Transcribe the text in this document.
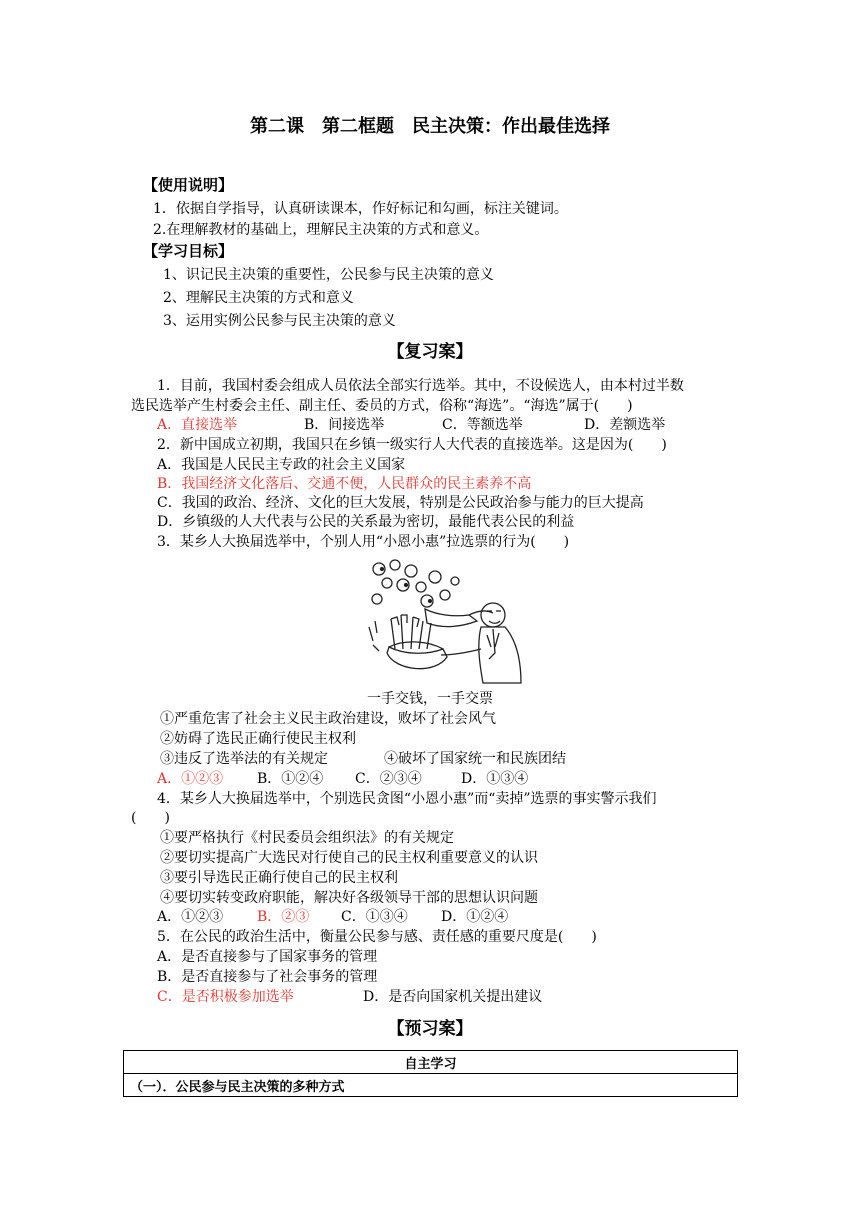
第二课　第二框题　民主决策：作出最佳选择
【使用说明】
1．依据自学指导，认真研读课本，作好标记和勾画，标注关键词。
2.在理解教材的基础上，理解民主决策的方式和意义。
【学习目标】
1、识记民主决策的重要性，公民参与民主决策的意义
2、理解民主决策的方式和意义
3、运用实例公民参与民主决策的意义
【复习案】
1．目前，我国村委会组成人员依法全部实行选举。其中，不设候选人，由本村过半数
选民选举产生村委会主任、副主任、委员的方式，俗称“海选”。“海选”属于(　　)
A．直接选举	B．间接选举	C．等额选举	D．差额选举
2．新中国成立初期，我国只在乡镇一级实行人大代表的直接选举。这是因为(　　)
A．我国是人民民主专政的社会主义国家
B．我国经济文化落后、交通不便，人民群众的民主素养不高
C．我国的政治、经济、文化的巨大发展，特别是公民政治参与能力的巨大提高
D．乡镇级的人大代表与公民的关系最为密切，最能代表公民的利益
3．某乡人大换届选举中，个别人用“小恩小惠”拉选票的行为(　　)
一手交钱，一手交票
①严重危害了社会主义民主政治建设，败坏了社会风气
②妨碍了选民正确行使民主权利
③违反了选举法的有关规定	④破坏了国家统一和民族团结
A．①②③ B．①②④ C．②③④	D．①③④
4．某乡人大换届选举中，个别选民贪图“小恩小惠”而“卖掉”选票的事实警示我们
(　　)
①要严格执行《村民委员会组织法》的有关规定
②要切实提高广大选民对行使自己的民主权利重要意义的认识
③要引导选民正确行使自己的民主权利
④要切实转变政府职能，解决好各级领导干部的思想认识问题
A．①②③ B．②③ C．①③④ D．①②④
5．在公民的政治生活中，衡量公民参与感、责任感的重要尺度是(　　)
A．是否直接参与了国家事务的管理
B．是否直接参与了社会事务的管理
C．是否积极参加选举	D．是否向国家机关提出建议
【预习案】
自主学习
（一）．公民参与民主决策的多种方式
